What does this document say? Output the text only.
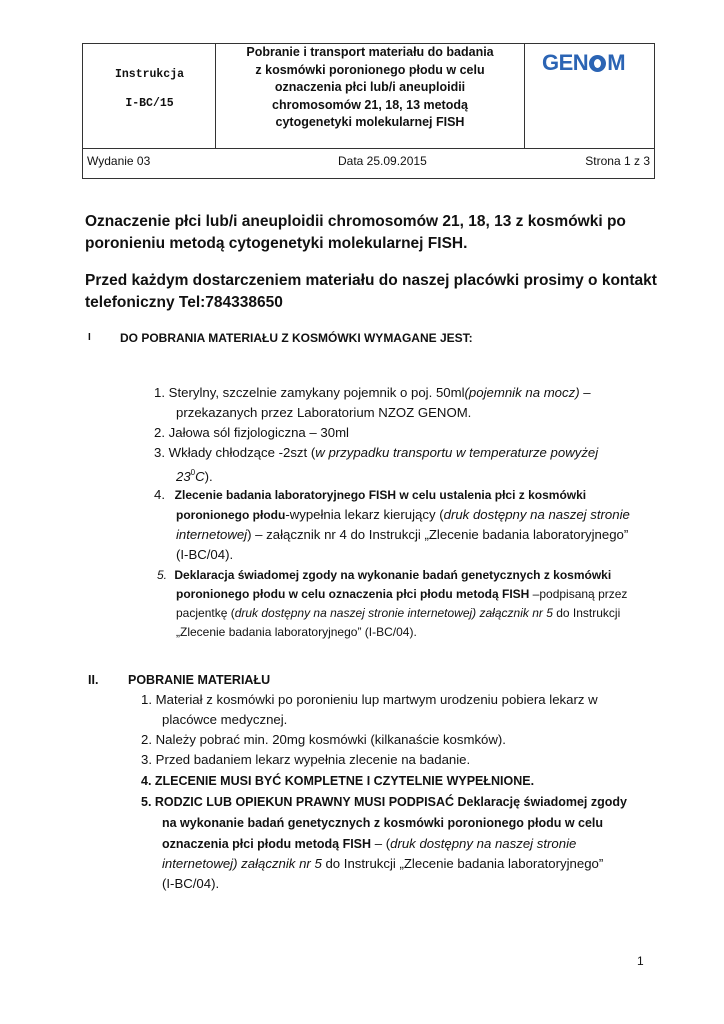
Instrukcja
I-BC/15
Pobranie i transport materiału do badania
z kosmówki poronionego płodu w celu
oznaczenia płci lub/i aneuploidii
chromosomów 21, 18, 13 metodą
cytogenetyki molekularnej FISH
GEN M
Wydanie 03	Data 25.09.2015	Strona 1 z 3
Oznaczenie płci lub/i aneuploidii chromosomów 21, 18, 13 z kosmówki po
poronieniu metodą cytogenetyki molekularnej FISH.
Przed każdym dostarczeniem materiału do naszej placówki prosimy o kontakt
telefoniczny Tel:784338650
I DO POBRANIA MATERIAŁU Z KOSMÓWKI WYMAGANE JEST:
1. Sterylny, szczelnie zamykany pojemnik o poj. 50ml(pojemnik na mocz) –
przekazanych przez Laboratorium NZOZ GENOM.
2. Jałowa sól fizjologiczna – 30ml
3. Wkłady chłodzące -2szt (w przypadku transportu w temperaturze powyżej
$23^0C$).
4. Zlecenie badania laboratoryjnego FISH w celu ustalenia płci z kosmówki
poronionego płodu-wypełnia lekarz kierujący (druk dostępny na naszej stronie
internetowej) – załącznik nr 4 do Instrukcji „Zlecenie badania laboratoryjnego”
(I-BC/04).
5. Deklaracja świadomej zgody na wykonanie badań genetycznych z kosmówki
poronionego płodu w celu oznaczenia płci płodu metodą FISH –podpisaną przez
pacjentkę (druk dostępny na naszej stronie internetowej) załącznik nr 5 do Instrukcji
„Zlecenie badania laboratoryjnego” (I-BC/04).
II. POBRANIE MATERIAŁU
1. Materiał z kosmówki po poronieniu lup martwym urodzeniu pobiera lekarz w
placówce medycznej.
2. Należy pobrać min. 20mg kosmówki (kilkanaście kosmków).
3. Przed badaniem lekarz wypełnia zlecenie na badanie.
4. ZLECENIE MUSI BYĆ KOMPLETNE I CZYTELNIE WYPEŁNIONE.
5. RODZIC LUB OPIEKUN PRAWNY MUSI PODPISAĆ Deklarację świadomej zgody
na wykonanie badań genetycznych z kosmówki poronionego płodu w celu
oznaczenia płci płodu metodą FISH – (druk dostępny na naszej stronie
internetowej) załącznik nr 5 do Instrukcji „Zlecenie badania laboratoryjnego”
(I-BC/04).
1
